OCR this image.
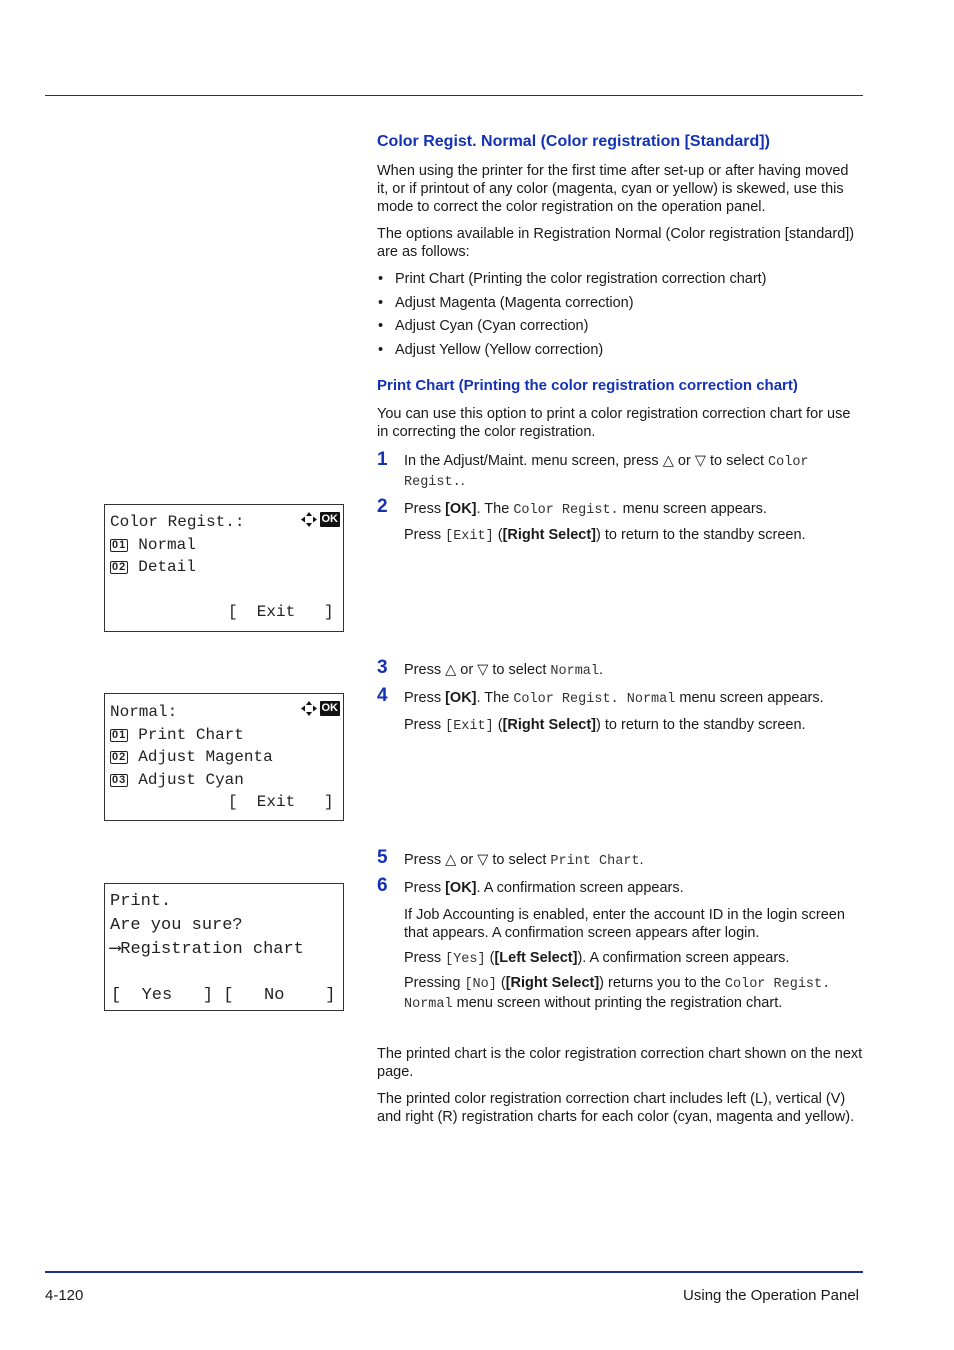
Color Regist. Normal (Color registration [Standard])
When using the printer for the first time after set-up or after having moved it, or if printout of any color (magenta, cyan or yellow) is skewed, use this mode to correct the color registration on the operation panel.
The options available in Registration Normal (Color registration [standard]) are as follows:
• Print Chart (Printing the color registration correction chart)
• Adjust Magenta (Magenta correction)
• Adjust Cyan (Cyan correction)
• Adjust Yellow (Yellow correction)
Print Chart (Printing the color registration correction chart)
You can use this option to print a color registration correction chart for use in correcting the color registration.
1 In the Adjust/Maint. menu screen, press △ or ▽ to select Color Regist..
2 Press [OK]. The Color Regist. menu screen appears.
Press [Exit] ([Right Select]) to return to the standby screen.
3 Press △ or ▽ to select Normal.
4 Press [OK]. The Color Regist. Normal menu screen appears.
Press [Exit] ([Right Select]) to return to the standby screen.
5 Press △ or ▽ to select Print Chart.
6 Press [OK]. A confirmation screen appears.
If Job Accounting is enabled, enter the account ID in the login screen that appears. A confirmation screen appears after login.
Press [Yes] ([Left Select]). A confirmation screen appears.
Pressing [No] ([Right Select]) returns you to the Color Regist. Normal menu screen without printing the registration chart.
The printed chart is the color registration correction chart shown on the next page.
The printed color registration correction chart includes left (L), vertical (V) and right (R) registration charts for each color (cyan, magenta and yellow).
Color Regist.:	OK
01 Normal
02 Detail
[  Exit   ]
Normal:	OK
01 Print Chart
02 Adjust Magenta
03 Adjust Cyan
[  Exit   ]
Print.
Are you sure?
⟶Registration chart
[  Yes   ] [   No    ]
4-120	Using the Operation Panel
